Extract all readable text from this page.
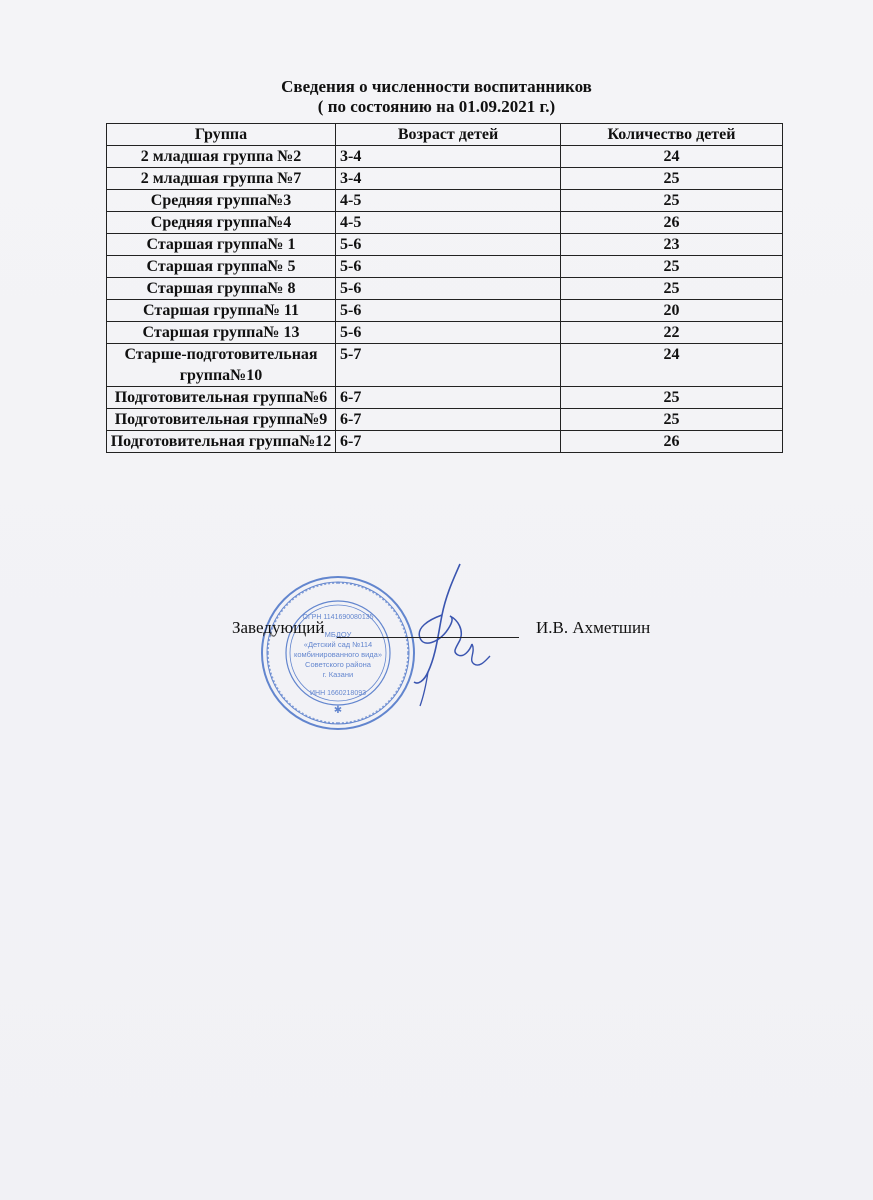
Сведения о численности воспитанников
( по состоянию на 01.09.2021 г.)
Группа	Возраст детей	Количество детей
2 младшая группа №2	3-4	24
2 младшая группа №7	3-4	25
Средняя группа№3	4-5	25
Средняя группа№4	4-5	26
Старшая группа№ 1	5-6	23
Старшая группа№ 5	5-6	25
Старшая группа№ 8	5-6	25
Старшая группа№ 11	5-6	20
Старшая группа№ 13	5-6	22
Старше-подготовительная группа№10	5-7	24
Подготовительная группа№6	6-7	25
Подготовительная группа№9	6-7	25
Подготовительная группа№12	6-7	26
МБДОУ
«Детский сад №114
комбинированного вида»
Советского района
г. Казани
ОГРН 1141690080135
ИНН 1660218093
✱
Заведующий	И.В. Ахметшин
